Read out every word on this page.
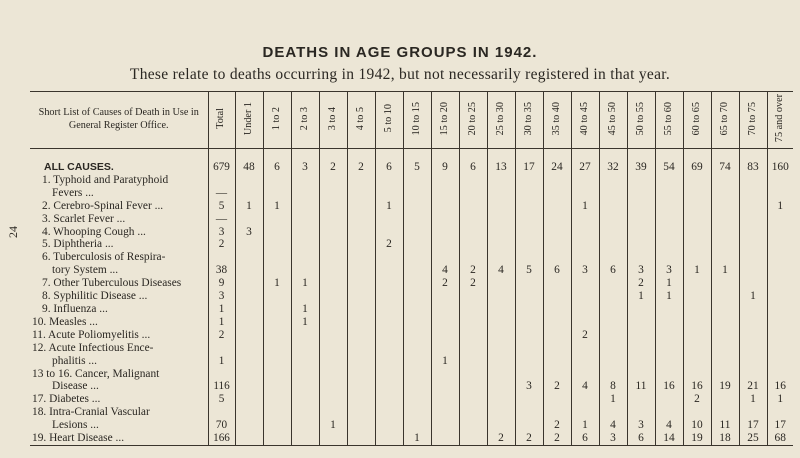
DEATHS IN AGE GROUPS IN 1942.
These relate to deaths occurring in 1942, but not necessarily registered in that year.
24
Short List of Causes of Death in Use in General Register Office.	Total	Under 1	1 to 2	2 to 3	3 to 4	4 to 5	5 to 10	10 to 15	15 to 20	20 to 25	25 to 30	30 to 35	35 to 40	40 to 45	45 to 50	50 to 55	55 to 60	60 to 65	65 to 70	70 to 75	75 and over

ALL CAUSES.	679	48	6	3	2	2	6	5	9	6	13	17	24	27	32	39	54	69	74	83	160
1. Typhoid and Paratyphoid																					
Fevers ...	—																				
2. Cerebro-Spinal Fever ...	5	1	1				1							1							1
3. Scarlet Fever ...	—																				
4. Whooping Cough ...	3	3																			
5. Diphtheria ...	2						2														
6. Tuberculosis of Respira-																					
tory System ...	38								4	2	4	5	6	3	6	3	3	1	1		
7. Other Tuberculous Diseases	9		1	1					2	2						2	1				
8. Syphilitic Disease ...	3															1	1			1	
9. Influenza ...	1			1																	
10. Measles ...	1			1																	
11. Acute Poliomyelitis ...	2													2							
12. Acute Infectious Ence-																					
phalitis ...	1								1												
13 to 16. Cancer, Malignant																					
Disease ...	116											3	2	4	8	11	16	16	19	21	16
17. Diabetes ...	5														1			2		1	1
18. Intra-Cranial Vascular																					
Lesions ...	70				1								2	1	4	3	4	10	11	17	17
19. Heart Disease ...	166							1			2	2	2	6	3	6	14	19	18	25	68
